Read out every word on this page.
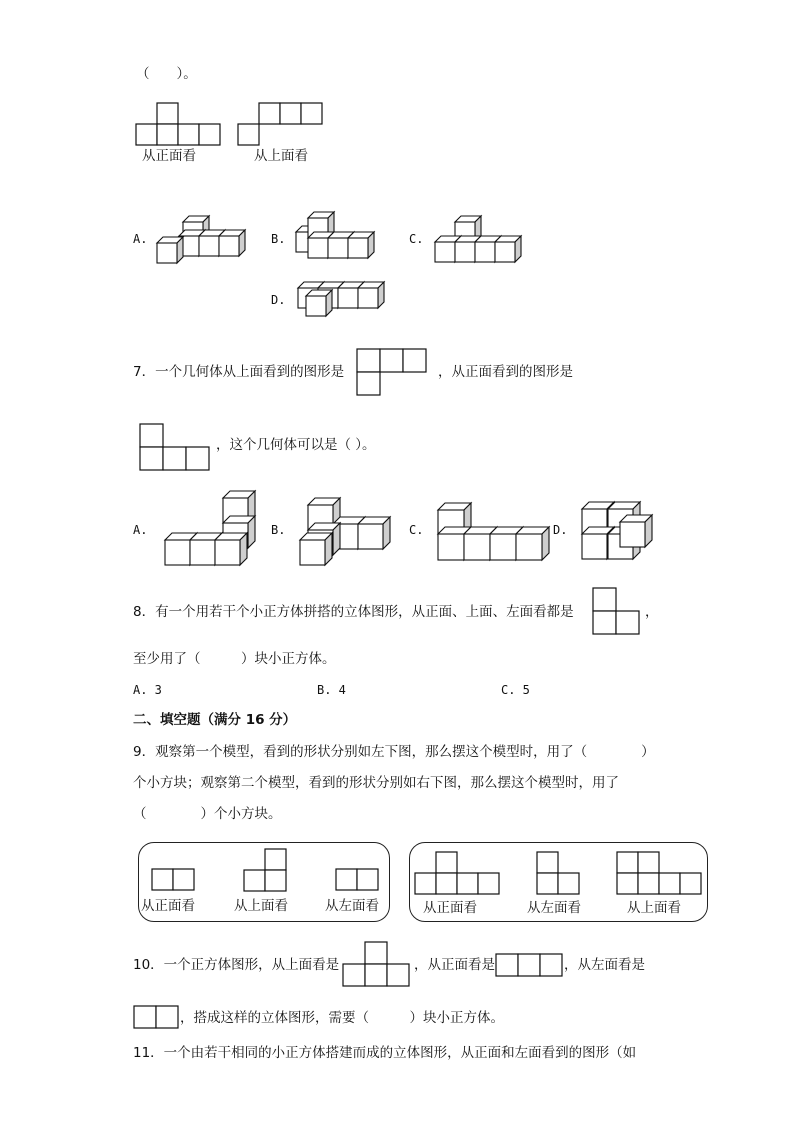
（　　）。
从正面看	从上面看
A.	B.	C.
D.
7．一个几何体从上面看到的图形是	，从正面看到的图形是
，这个几何体可以是（ ）。
A.	B.	C.	D.
8．有一个用若干个小正方体拼搭的立体图形，从正面、上面、左面看都是	，
至少用了（　　　）块小正方体。
A. 3	B. 4	C. 5
二、填空题（满分 16 分）
9．观察第一个模型，看到的形状分别如左下图，那么摆这个模型时，用了（　　　　）
个小方块；观察第二个模型，看到的形状分别如右下图，那么摆这个模型时，用了
（　　　　）个小方块。
从正面看	从上面看	从左面看	从正面看	从左面看	从上面看
10．一个正方体图形，从上面看是	，从正面看是	，从左面看是
，搭成这样的立体图形，需要（　　　）块小正方体。
11．一个由若干相同的小正方体搭建而成的立体图形，从正面和左面看到的图形（如
